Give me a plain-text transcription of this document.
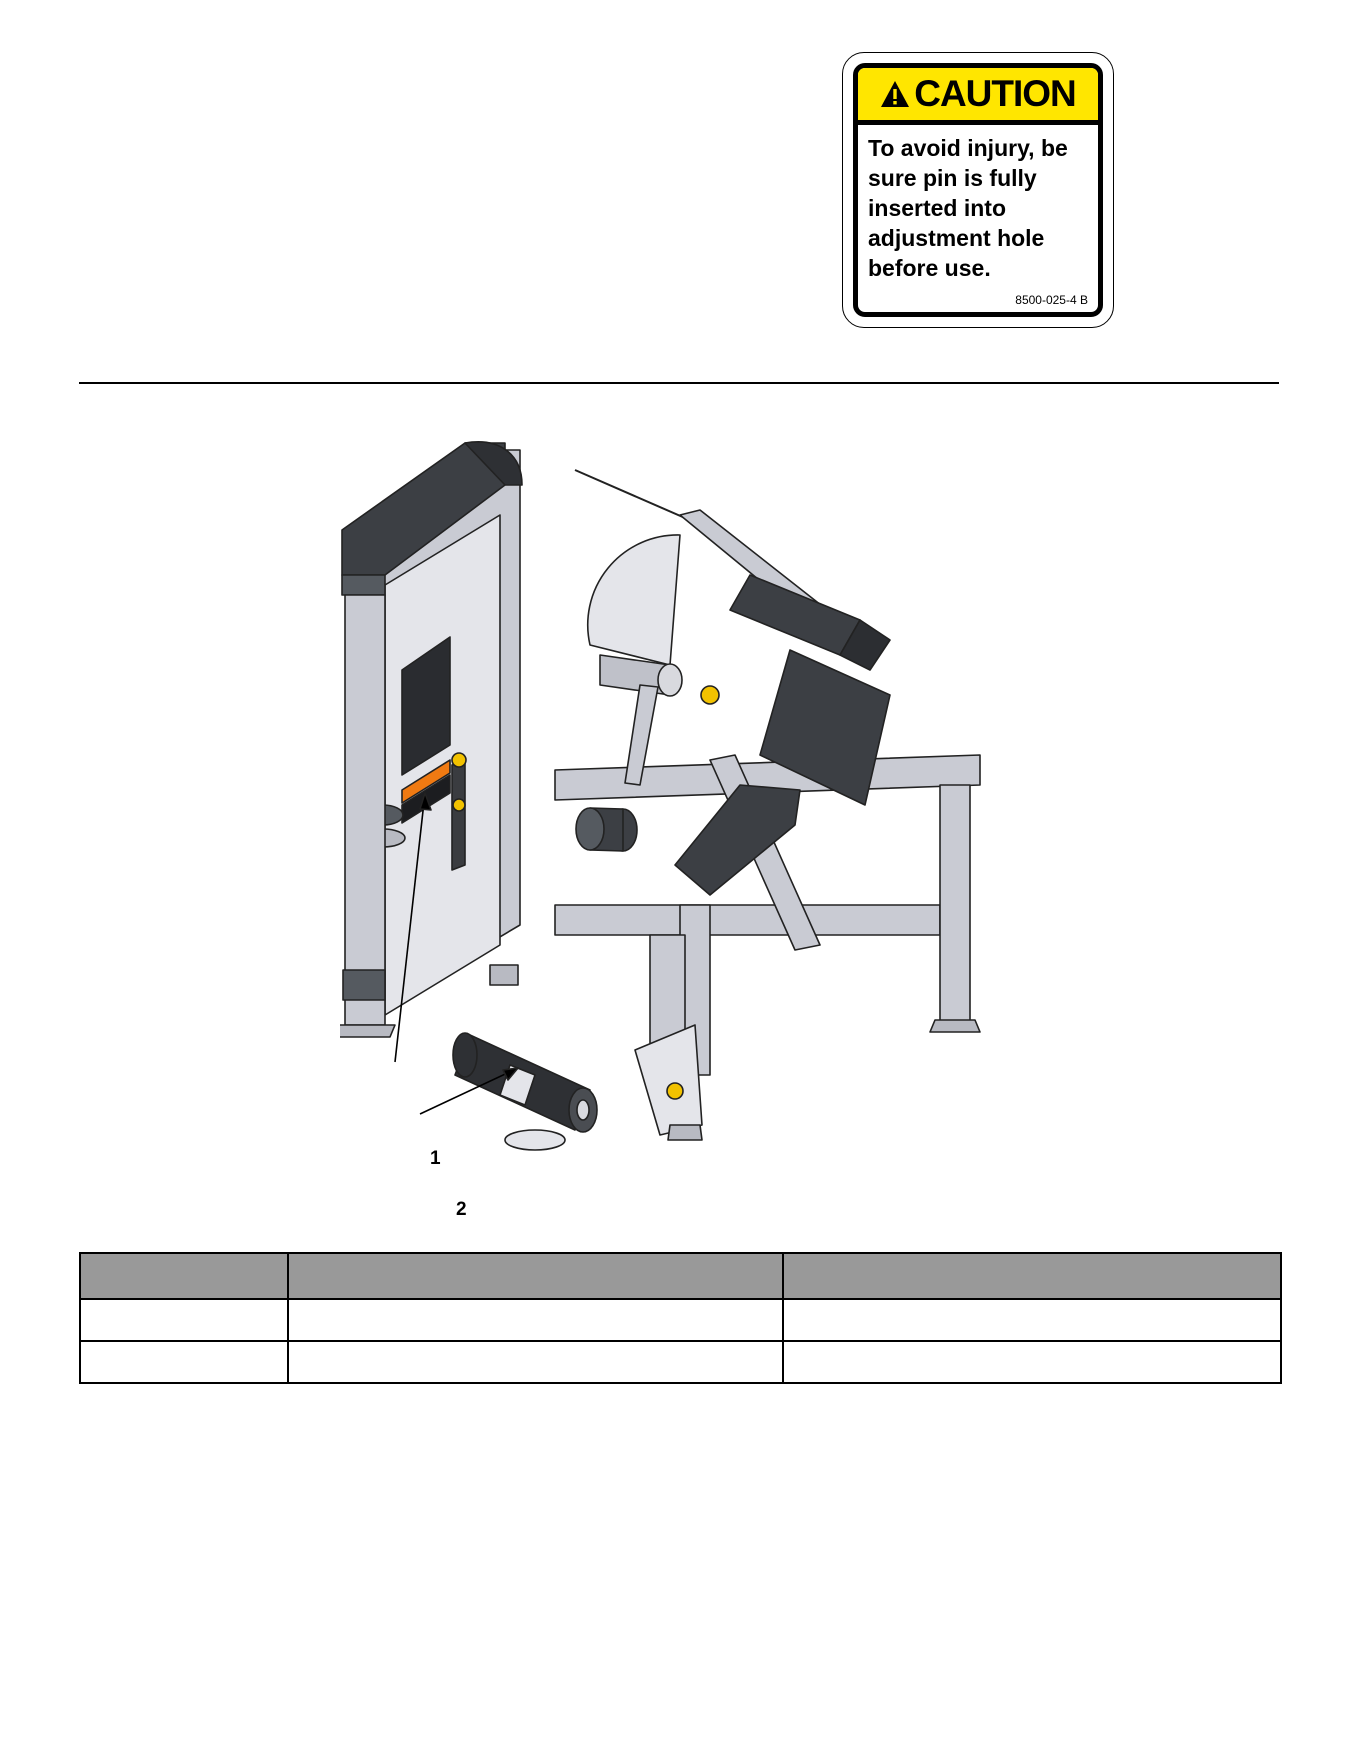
CAUTION
To avoid injury, be sure pin is fully inserted into adjustment hole before use.
8500-025-4 B
1
2
